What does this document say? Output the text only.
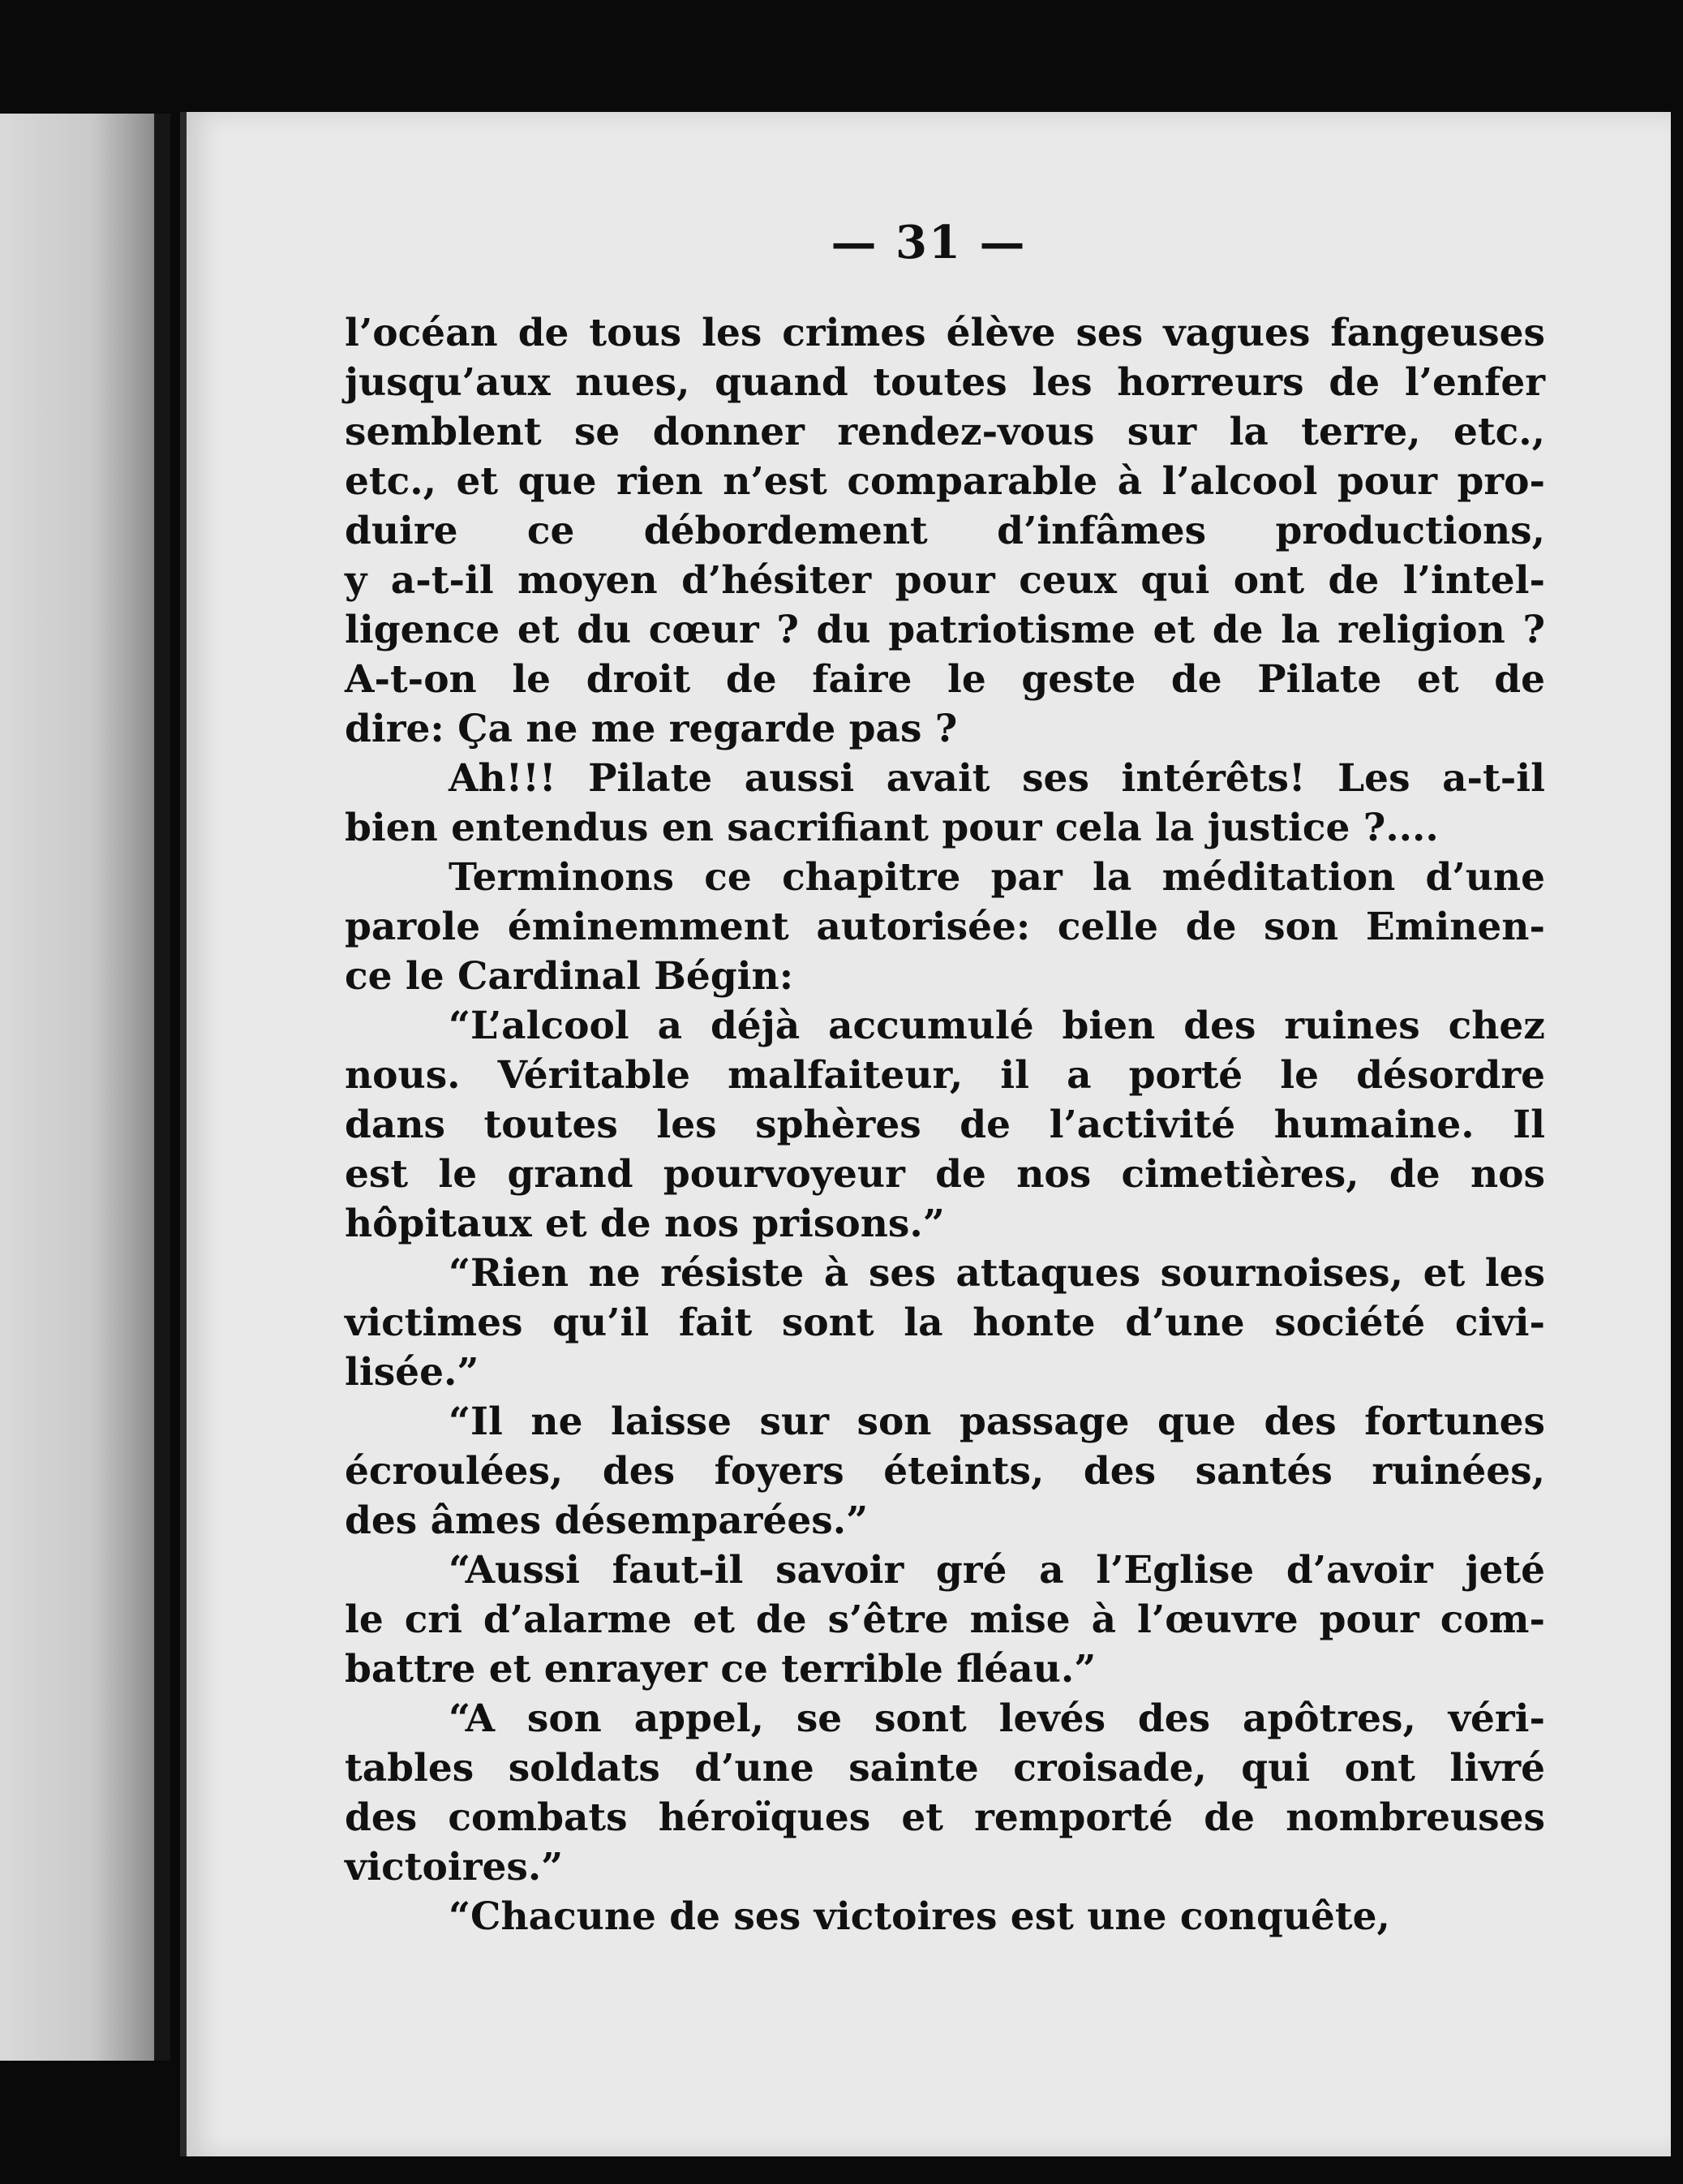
— 31 —
l’océan de tous les crimes élève ses vagues fangeuses
jusqu’aux nues, quand toutes les horreurs de l’enfer
semblent se donner rendez-vous sur la terre, etc.,
etc., et que rien n’est comparable à l’alcool pour pro-
duire ce débordement d’infâmes productions,
y a-t-il moyen d’hésiter pour ceux qui ont de l’intel-
ligence et du cœur ? du patriotisme et de la religion ?
A-t-on le droit de faire le geste de Pilate et de
dire: Ça ne me regarde pas ?
Ah!!! Pilate aussi avait ses intérêts! Les a-t-il
bien entendus en sacrifiant pour cela la justice ?....
Terminons ce chapitre par la méditation d’une
parole éminemment autorisée: celle de son Eminen-
ce le Cardinal Bégin:
“L’alcool a déjà accumulé bien des ruines chez
nous. Véritable malfaiteur, il a porté le désordre
dans toutes les sphères de l’activité humaine. Il
est le grand pourvoyeur de nos cimetières, de nos
hôpitaux et de nos prisons.”
“Rien ne résiste à ses attaques sournoises, et les
victimes qu’il fait sont la honte d’une société civi-
lisée.”
“Il ne laisse sur son passage que des fortunes
écroulées, des foyers éteints, des santés ruinées,
des âmes désemparées.”
“Aussi faut-il savoir gré a l’Eglise d’avoir jeté
le cri d’alarme et de s’être mise à l’œuvre pour com-
battre et enrayer ce terrible fléau.”
“A son appel, se sont levés des apôtres, véri-
tables soldats d’une sainte croisade, qui ont livré
des combats héroïques et remporté de nombreuses
victoires.”
“Chacune de ses victoires est une conquête,
